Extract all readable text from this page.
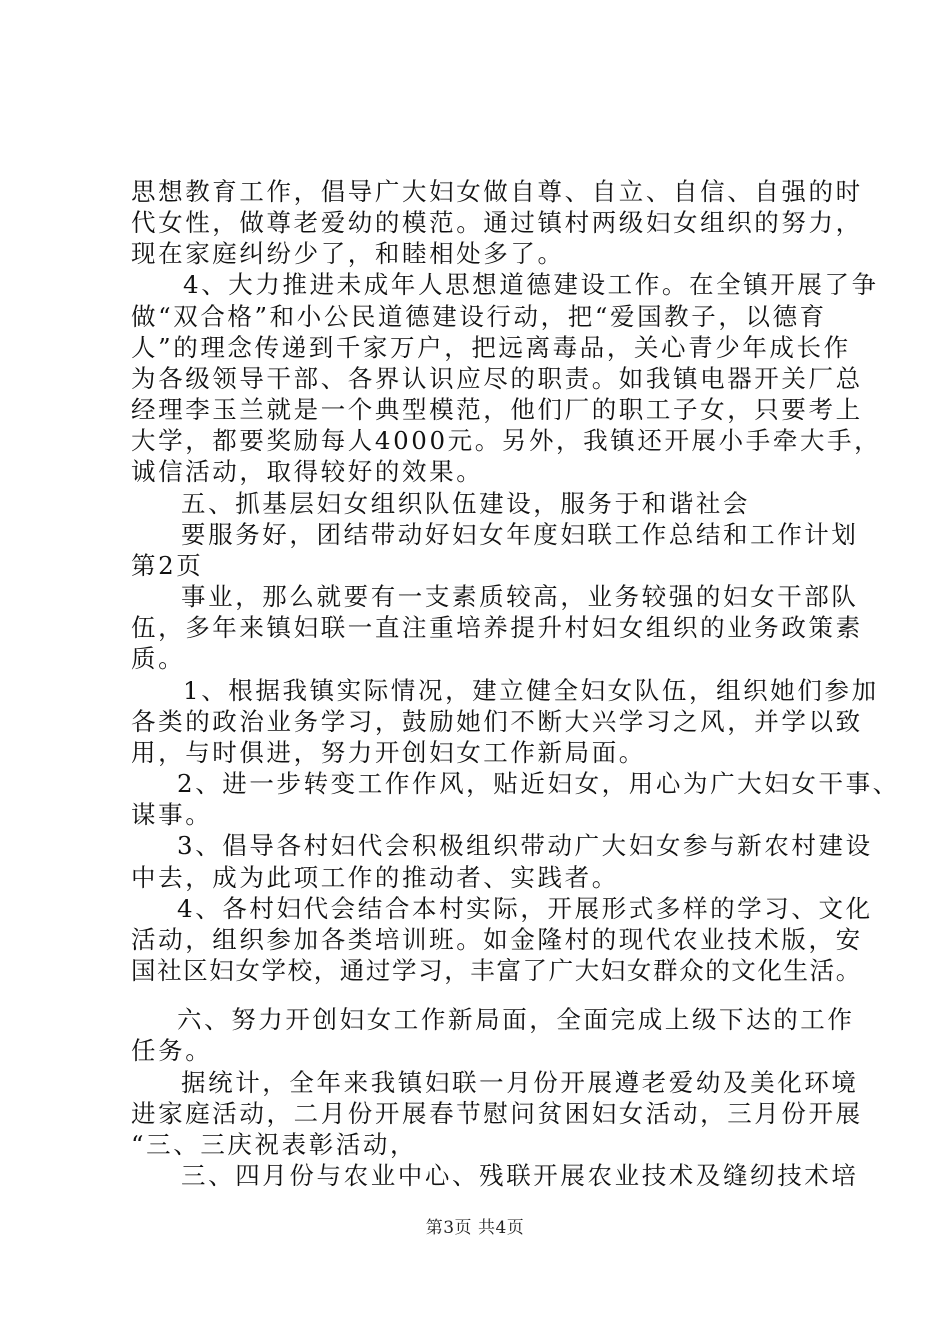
思想教育工作，倡导广大妇女做自尊、自立、自信、自强的时
代女性，做尊老爱幼的模范。通过镇村两级妇女组织的努力，
现在家庭纠纷少了，和睦相处多了。
4、大力推进未成年人思想道德建设工作。在全镇开展了争
做“双合格”和小公民道德建设行动，把“爱国教子，以德育
人”的理念传递到千家万户，把远离毒品，关心青少年成长作
为各级领导干部、各界认识应尽的职责。如我镇电器开关厂总
经理李玉兰就是一个典型模范，他们厂的职工子女，只要考上
大学，都要奖励每人4000元。另外，我镇还开展小手牵大手，
诚信活动，取得较好的效果。
五、抓基层妇女组织队伍建设，服务于和谐社会
要服务好，团结带动好妇女年度妇联工作总结和工作计划
第2页
事业，那么就要有一支素质较高，业务较强的妇女干部队
伍，多年来镇妇联一直注重培养提升村妇女组织的业务政策素
质。
1、根据我镇实际情况，建立健全妇女队伍，组织她们参加
各类的政治业务学习，鼓励她们不断大兴学习之风，并学以致
用，与时俱进，努力开创妇女工作新局面。
2、进一步转变工作作风，贴近妇女，用心为广大妇女干事、
谋事。
3、倡导各村妇代会积极组织带动广大妇女参与新农村建设
中去，成为此项工作的推动者、实践者。
4、各村妇代会结合本村实际，开展形式多样的学习、文化
活动，组织参加各类培训班。如金隆村的现代农业技术版，安
国社区妇女学校，通过学习，丰富了广大妇女群众的文化生活。
六、努力开创妇女工作新局面，全面完成上级下达的工作
任务。
据统计，全年来我镇妇联一月份开展遵老爱幼及美化环境
进家庭活动，二月份开展春节慰问贫困妇女活动，三月份开展
“三、三庆祝表彰活动，
三、四月份与农业中心、残联开展农业技术及缝纫技术培
第3页 共4页
